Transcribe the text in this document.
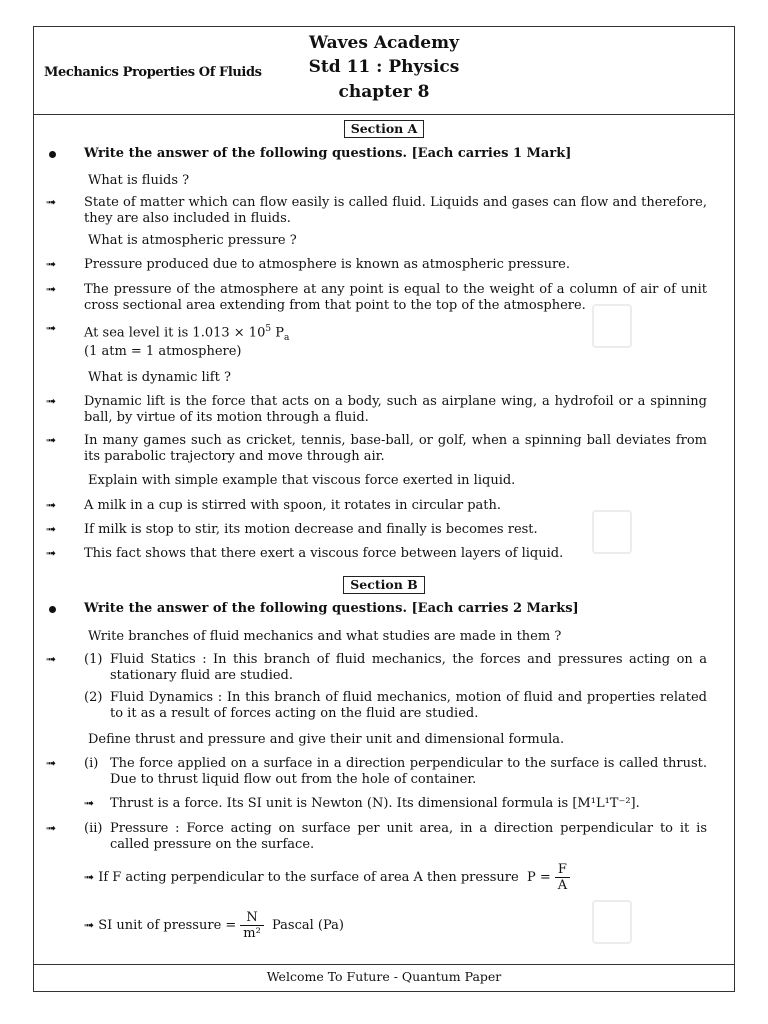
Mechanics Properties Of Fluids
Waves Academy
Std 11 : Physics
chapter 8
Welcome To Future - Quantum Paper
Section A
Write the answer of the following questions. [Each carries 1 Mark]
What is fluids ?
➟ State of matter which can flow easily is called fluid. Liquids and gases can flow and therefore, they are also included in fluids.
What is atmospheric pressure ?
➟ Pressure produced due to atmosphere is known as atmospheric pressure.
➟ The pressure of the atmosphere at any point is equal to the weight of a column of air of unit cross sectional area extending from that point to the top of the atmosphere.
➟ At sea level it is $1.013 \times 10^5$ $P_a$
(1 atm = 1 atmosphere)
What is dynamic lift ?
➟ Dynamic lift is the force that acts on a body, such as airplane wing, a hydrofoil or a spinning ball, by virtue of its motion through a fluid.
➟ In many games such as cricket, tennis, base-ball, or golf, when a spinning ball deviates from its parabolic trajectory and move through air.
Explain with simple example that viscous force exerted in liquid.
➟ A milk in a cup is stirred with spoon, it rotates in circular path.
➟ If milk is stop to stir, its motion decrease and finally is becomes rest.
➟ This fact shows that there exert a viscous force between layers of liquid.
Section B
Write the answer of the following questions. [Each carries 2 Marks]
Write branches of fluid mechanics and what studies are made in them ?
➟ (1) Fluid Statics : In this branch of fluid mechanics, the forces and pressures acting on a stationary fluid are studied.
(2) Fluid Dynamics : In this branch of fluid mechanics, motion of fluid and properties related to it as a result of forces acting on the fluid are studied.
Define thrust and pressure and give their unit and dimensional formula.
➟ (i) The force applied on a surface in a direction perpendicular to the surface is called thrust. Due to thrust liquid flow out from the hole of container.
➟ Thrust is a force. Its SI unit is Newton (N). Its dimensional formula is [M¹L¹T⁻²].
➟ (ii) Pressure : Force acting on surface per unit area, in a direction perpendicular to it is called pressure on the surface.
➟ If F acting perpendicular to the surface of area A then pressure $P = \frac{F}{A}$
➟ SI unit of pressure = $\frac{N}{\text{m²}}$ Pascal (Pa)
